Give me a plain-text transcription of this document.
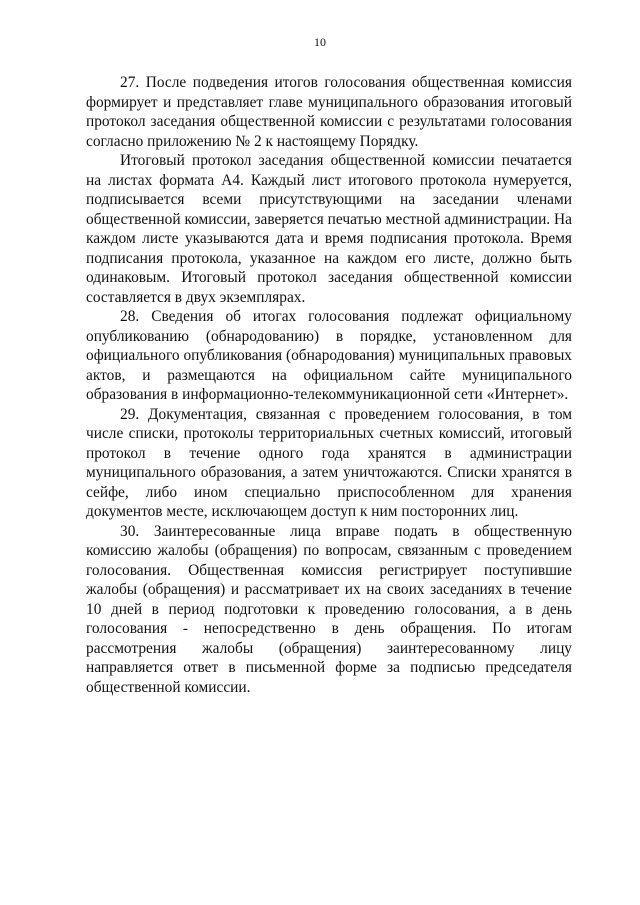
10

27. После подведения итогов голосования общественная комиссия формирует и представляет главе муниципального образования итоговый протокол заседания общественной комиссии с результатами голосования согласно приложению № 2 к настоящему Порядку.

Итоговый протокол заседания общественной комиссии печатается на листах формата А4. Каждый лист итогового протокола нумеруется, подписывается всеми присутствующими на заседании членами общественной комиссии, заверяется печатью местной администрации. На каждом листе указываются дата и время подписания протокола. Время подписания протокола, указанное на каждом его листе, должно быть одинаковым. Итоговый протокол заседания общественной комиссии составляется в двух экземплярах.

28. Сведения об итогах голосования подлежат официальному опубликованию (обнародованию) в порядке, установленном для официального опубликования (обнародования) муниципальных правовых актов, и размещаются на официальном сайте муниципального образования в информационно-телекоммуникационной сети «Интернет».

29. Документация, связанная с проведением голосования, в том числе списки, протоколы территориальных счетных комиссий, итоговый протокол в течение одного года хранятся в администрации муниципального образования, а затем уничтожаются. Списки хранятся в сейфе, либо ином специально приспособленном для хранения документов месте, исключающем доступ к ним посторонних лиц.

30. Заинтересованные лица вправе подать в общественную комиссию жалобы (обращения) по вопросам, связанным с проведением голосования. Общественная комиссия регистрирует поступившие жалобы (обращения) и рассматривает их на своих заседаниях в течение 10 дней в период подготовки к проведению голосования, а в день голосования - непосредственно в день обращения. По итогам рассмотрения жалобы (обращения) заинтересованному лицу направляется ответ в письменной форме за подписью председателя общественной комиссии.
